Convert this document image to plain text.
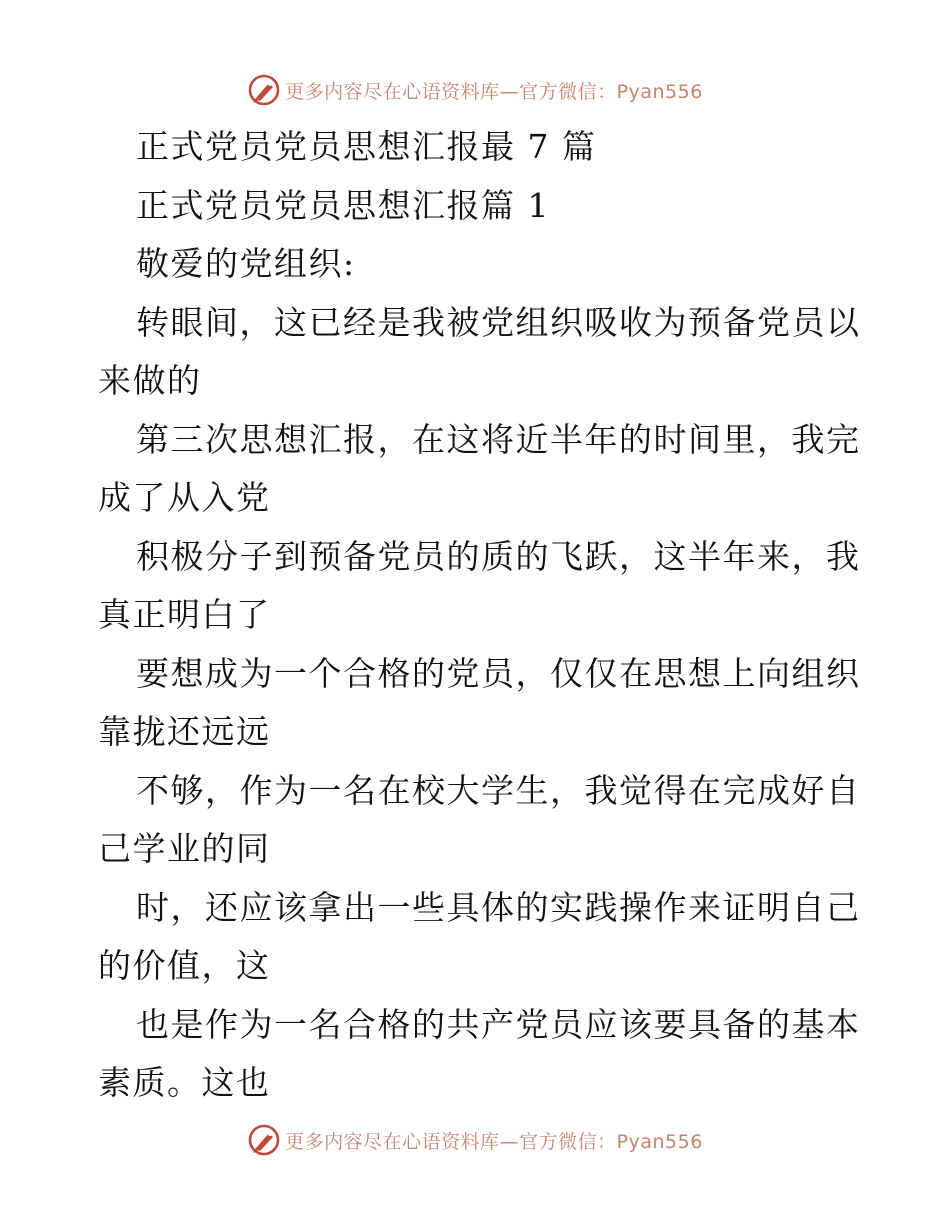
更多内容尽在心语资料库—官方微信：Pyan556
正式党员党员思想汇报最 7 篇
正式党员党员思想汇报篇 1
敬爱的党组织:
转眼间，这已经是我被党组织吸收为预备党员以
来做的
第三次思想汇报，在这将近半年的时间里，我完
成了从入党
积极分子到预备党员的质的飞跃，这半年来，我
真正明白了
要想成为一个合格的党员，仅仅在思想上向组织
靠拢还远远
不够，作为一名在校大学生，我觉得在完成好自
己学业的同
时，还应该拿出一些具体的实践操作来证明自己
的价值，这
也是作为一名合格的共产党员应该要具备的基本
素质。这也
更多内容尽在心语资料库—官方微信：Pyan556
